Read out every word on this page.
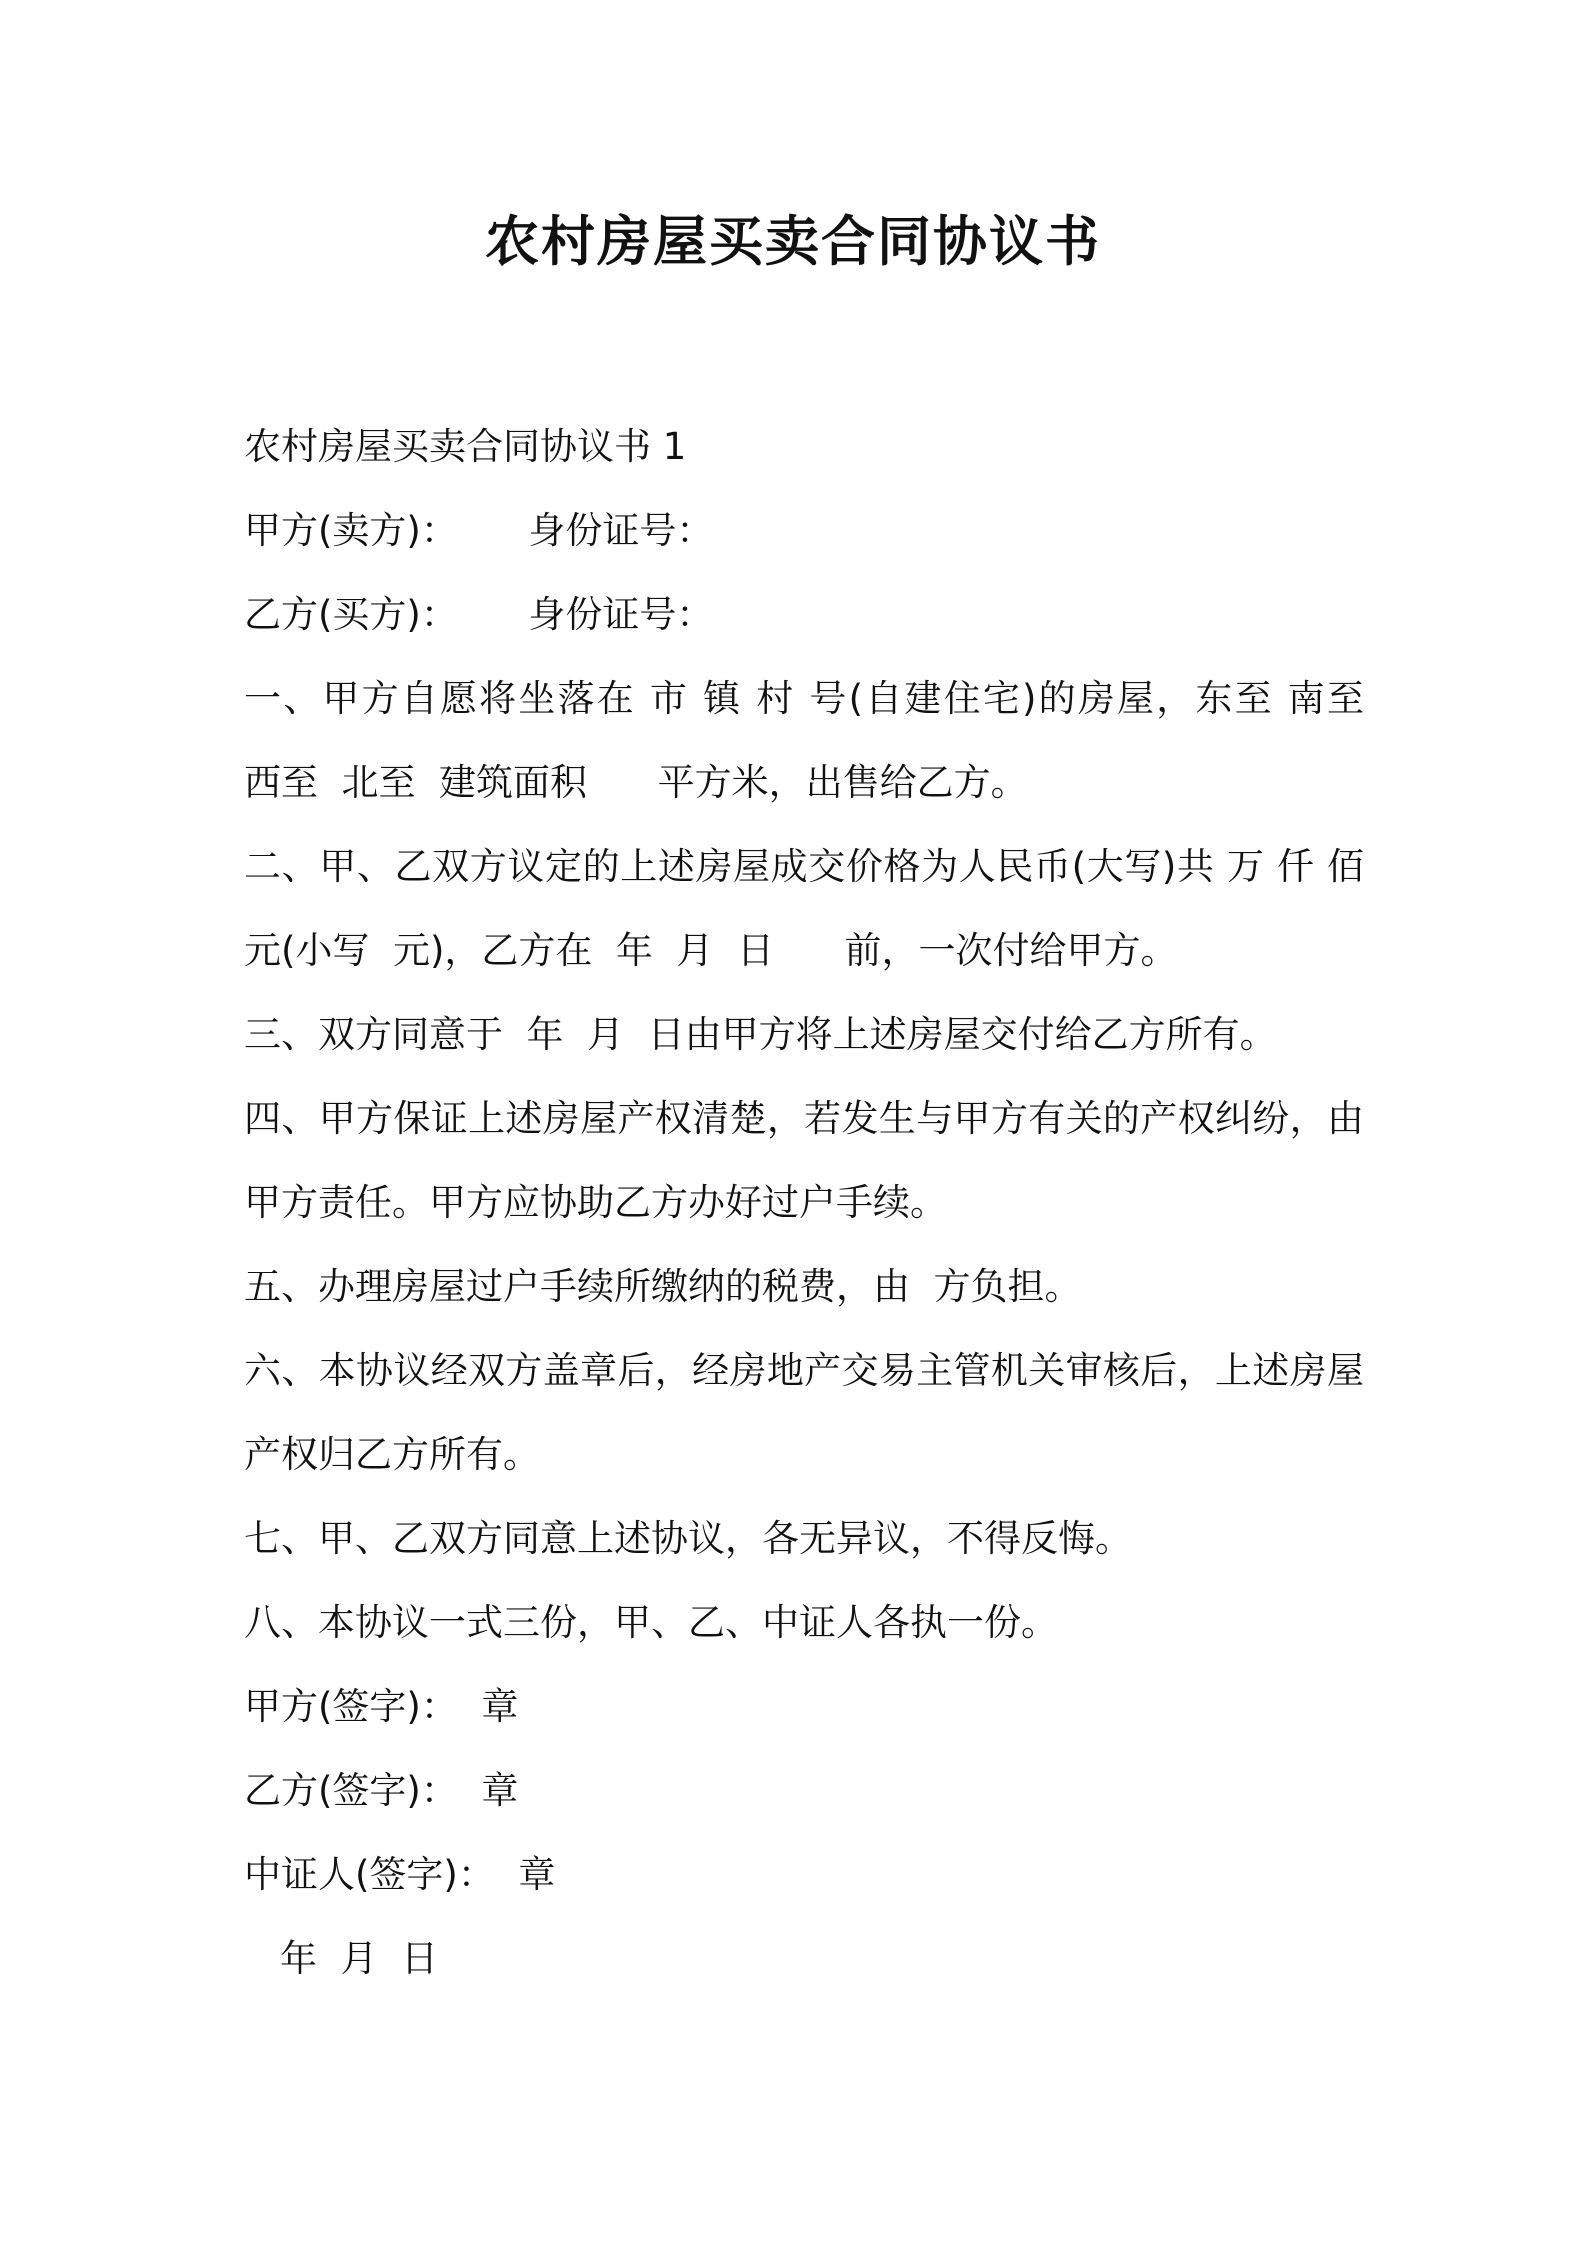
农村房屋买卖合同协议书
农村房屋买卖合同协议书 1
甲方(卖方)：      身份证号：
乙方(买方)：      身份证号：
一、甲方自愿将坐落在 市 镇 村 号(自建住宅)的房屋，东至 南至
西至  北至  建筑面积      平方米，出售给乙方。
二、甲、乙双方议定的上述房屋成交价格为人民币(大写)共 万 仟 佰
元(小写  元)，乙方在  年  月  日      前，一次付给甲方。
三、双方同意于  年  月  日由甲方将上述房屋交付给乙方所有。
四、甲方保证上述房屋产权清楚，若发生与甲方有关的产权纠纷，由
甲方责任。甲方应协助乙方办好过户手续。
五、办理房屋过户手续所缴纳的税费，由  方负担。
六、本协议经双方盖章后，经房地产交易主管机关审核后，上述房屋
产权归乙方所有。
七、甲、乙双方同意上述协议，各无异议，不得反悔。
八、本协议一式三份，甲、乙、中证人各执一份。
甲方(签字)：  章
乙方(签字)：  章
中证人(签字)：  章
年  月  日
